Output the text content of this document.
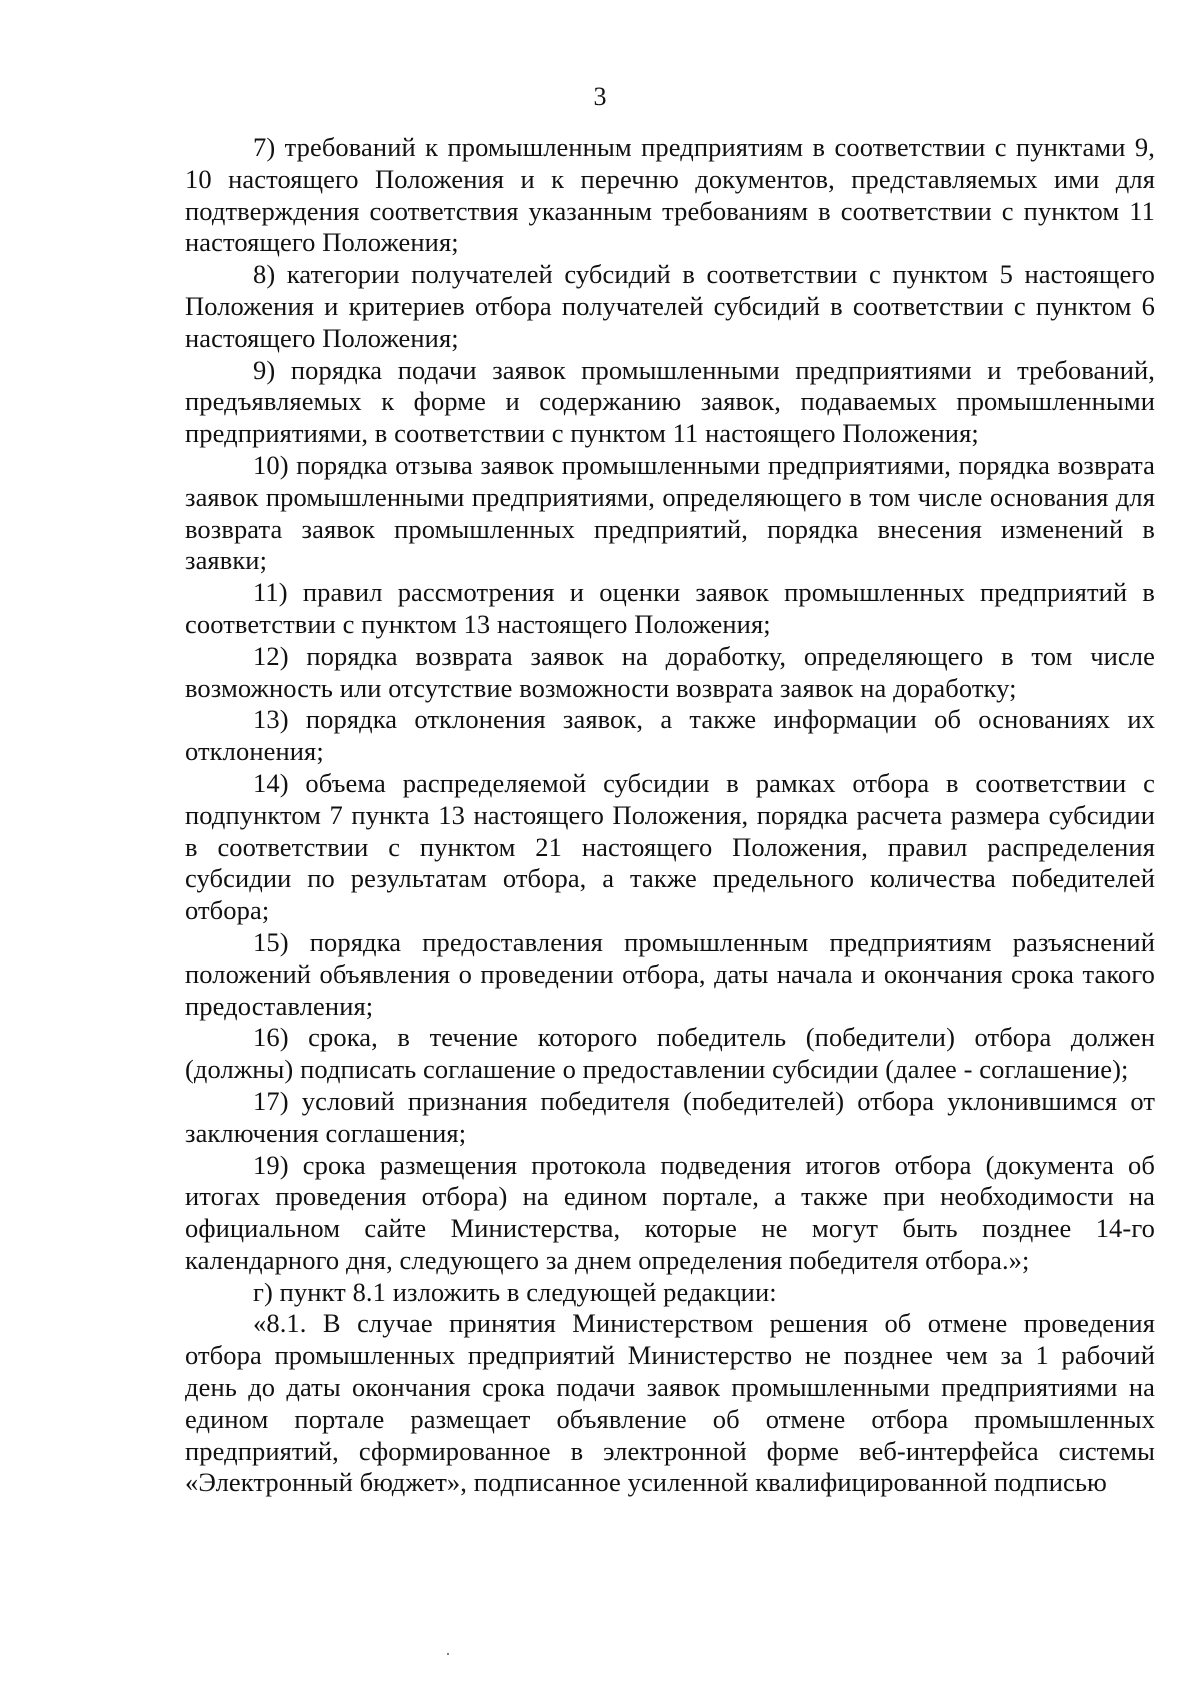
3

7) требований к промышленным предприятиям в соответствии с пунктами 9, 10 настоящего Положения и к перечню документов, представляемых ими для подтверждения соответствия указанным требованиям в соответствии с пунктом 11 настоящего Положения;

8) категории получателей субсидий в соответствии с пунктом 5 настоящего Положения и критериев отбора получателей субсидий в соответствии с пунктом 6 настоящего Положения;

9) порядка подачи заявок промышленными предприятиями и требований, предъявляемых к форме и содержанию заявок, подаваемых промышленными предприятиями, в соответствии с пунктом 11 настоящего Положения;

10) порядка отзыва заявок промышленными предприятиями, порядка возврата заявок промышленными предприятиями, определяющего в том числе основания для возврата заявок промышленных предприятий, порядка внесения изменений в заявки;

11) правил рассмотрения и оценки заявок промышленных предприятий в соответствии с пунктом 13 настоящего Положения;

12) порядка возврата заявок на доработку, определяющего в том числе возможность или отсутствие возможности возврата заявок на доработку;

13) порядка отклонения заявок, а также информации об основаниях их отклонения;

14) объема распределяемой субсидии в рамках отбора в соответствии с подпунктом 7 пункта 13 настоящего Положения, порядка расчета размера субсидии в соответствии с пунктом 21 настоящего Положения, правил распределения субсидии по результатам отбора, а также предельного количества победителей отбора;

15) порядка предоставления промышленным предприятиям разъяснений положений объявления о проведении отбора, даты начала и окончания срока такого предоставления;

16) срока, в течение которого победитель (победители) отбора должен (должны) подписать соглашение о предоставлении субсидии (далее - соглашение);

17) условий признания победителя (победителей) отбора уклонившимся от заключения соглашения;

19) срока размещения протокола подведения итогов отбора (документа об итогах проведения отбора) на едином портале, а также при необходимости на официальном сайте Министерства, которые не могут быть позднее 14-го календарного дня, следующего за днем определения победителя отбора.»;

г) пункт 8.1 изложить в следующей редакции:

«8.1. В случае принятия Министерством решения об отмене проведения отбора промышленных предприятий Министерство не позднее чем за 1 рабочий день до даты окончания срока подачи заявок промышленными предприятиями на едином портале размещает объявление об отмене отбора промышленных предприятий, сформированное в электронной форме веб-интерфейса системы «Электронный бюджет», подписанное усиленной квалифицированной подписью
